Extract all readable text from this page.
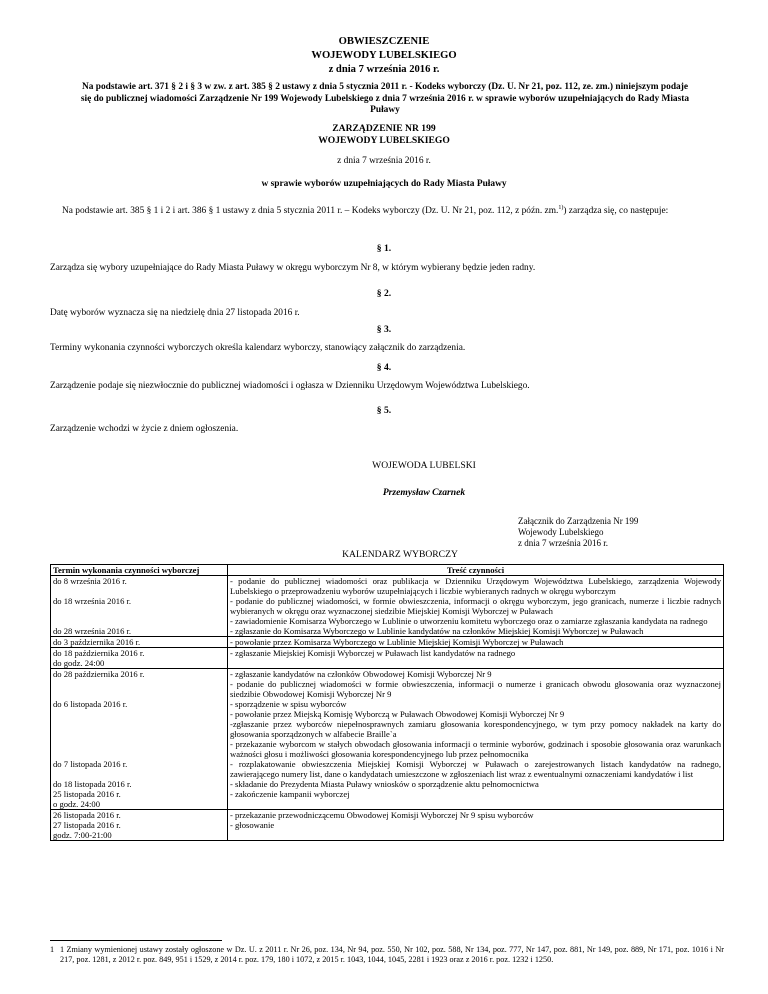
OBWIESZCZENIE
WOJEWODY LUBELSKIEGO
z dnia 7 września 2016 r.
Na podstawie art. 371 § 2 i § 3 w zw. z art. 385 § 2 ustawy z dnia 5 stycznia 2011 r. - Kodeks wyborczy (Dz. U. Nr 21, poz. 112, ze. zm.) niniejszym podaje się do publicznej wiadomości Zarządzenie Nr 199 Wojewody Lubelskiego z dnia 7 września 2016 r. w sprawie wyborów uzupełniających do Rady Miasta Puławy
ZARZĄDZENIE NR 199
WOJEWODY LUBELSKIEGO
z dnia 7 września 2016 r.
w sprawie wyborów uzupełniających do Rady Miasta Puławy
Na podstawie art. 385 § 1 i 2 i art. 386 § 1 ustawy z dnia 5 stycznia 2011 r. – Kodeks wyborczy (Dz. U. Nr 21, poz. 112, z późn. zm.$^{1)}$) zarządza się, co następuje:
§ 1.
Zarządza się wybory uzupełniające do Rady Miasta Puławy w okręgu wyborczym Nr 8, w którym wybierany będzie jeden radny.
§ 2.
Datę wyborów wyznacza się na niedzielę dnia 27 listopada 2016 r.
§ 3.
Terminy wykonania czynności wyborczych określa kalendarz wyborczy, stanowiący załącznik do zarządzenia.
§ 4.
Zarządzenie podaje się niezwłocznie do publicznej wiadomości i ogłasza w Dzienniku Urzędowym Województwa Lubelskiego.
§ 5.
Zarządzenie wchodzi w życie z dniem ogłoszenia.
WOJEWODA LUBELSKI
Przemysław Czarnek
Załącznik do Zarządzenia Nr 199
Wojewody Lubelskiego
z dnia 7 września 2016 r.
KALENDARZ WYBORCZY
Termin wykonania czynności wyborczej	Treść czynności

do 8 września 2016 r.	- podanie do publicznej wiadomości oraz publikacja w Dzienniku Urzędowym Województwa Lubelskiego, zarządzenia Wojewody Lubelskiego o przeprowadzeniu wyborów uzupełniających i liczbie wybieranych radnych w okręgu wyborczym

do 18 września 2016 r.	- podanie do publicznej wiadomości, w formie obwieszczenia, informacji o okręgu wyborczym, jego granicach, numerze i liczbie radnych wybieranych w okręgu oraz wyznaczonej siedzibie Miejskiej Komisji Wyborczej w Puławach
- zawiadomienie Komisarza Wyborczego w Lublinie o utworzeniu komitetu wyborczego oraz o zamiarze zgłaszania kandydata na radnego

do 28 września 2016 r.	- zgłaszanie do Komisarza Wyborczego w Lublinie kandydatów na członków Miejskiej Komisji Wyborczej w Puławach

do 3 października 2016 r.	- powołanie przez Komisarza Wyborczego w Lublinie Miejskiej Komisji Wyborczej w Puławach

do 18 października 2016 r.
do godz. 24:00	- zgłaszanie Miejskiej Komisji Wyborczej w Puławach list kandydatów na radnego

do 28 października 2016 r.	- zgłaszanie kandydatów na członków Obwodowej Komisji Wyborczej Nr 9
- podanie do publicznej wiadomości w formie obwieszczenia, informacji o numerze i granicach obwodu głosowania oraz wyznaczonej siedzibie Obwodowej Komisji Wyborczej Nr 9

do 6 listopada 2016 r.	- sporządzenie w spisu wyborców
- powołanie przez Miejską Komisję Wyborczą w Puławach Obwodowej Komisji Wyborczej Nr 9
-zgłaszanie przez wyborców niepełnosprawnych zamiaru głosowania korespondencyjnego, w tym przy pomocy nakładek na karty do głosowania sporządzonych w alfabecie Braille`a
- przekazanie wyborcom w stałych obwodach głosowania informacji o terminie wyborów, godzinach i sposobie głosowania oraz warunkach ważności głosu i możliwości głosowania korespondencyjnego lub przez pełnomocnika

do 7 listopada 2016 r.	- rozplakatowanie obwieszczenia Miejskiej Komisji Wyborczej w Puławach o zarejestrowanych listach kandydatów na radnego, zawierającego numery list, dane o kandydatach umieszczone w zgłoszeniach list wraz z ewentualnymi oznaczeniami kandydatów i list

do 18 listopada 2016 r.	- składanie do Prezydenta Miasta Puławy wniosków o sporządzenie aktu pełnomocnictwa

25 listopada 2016 r.
o godz. 24:00	- zakończenie kampanii wyborczej

26 listopada 2016 r.	- przekazanie przewodniczącemu Obwodowej Komisji Wyborczej Nr 9 spisu wyborców

27 listopada 2016 r.
godz. 7:00-21:00	- głosowanie
1 1 Zmiany wymienionej ustawy zostały ogłoszone w Dz. U. z 2011 r. Nr 26, poz. 134, Nr 94, poz. 550, Nr 102, poz. 588, Nr 134, poz. 777, Nr 147, poz. 881, Nr 149, poz. 889, Nr 171, poz. 1016 i Nr 217, poz. 1281, z 2012 r. poz. 849, 951 i 1529, z 2014 r. poz. 179, 180 i 1072, z 2015 r. 1043, 1044, 1045, 2281 i 1923 oraz z 2016 r. poz. 1232 i 1250.
